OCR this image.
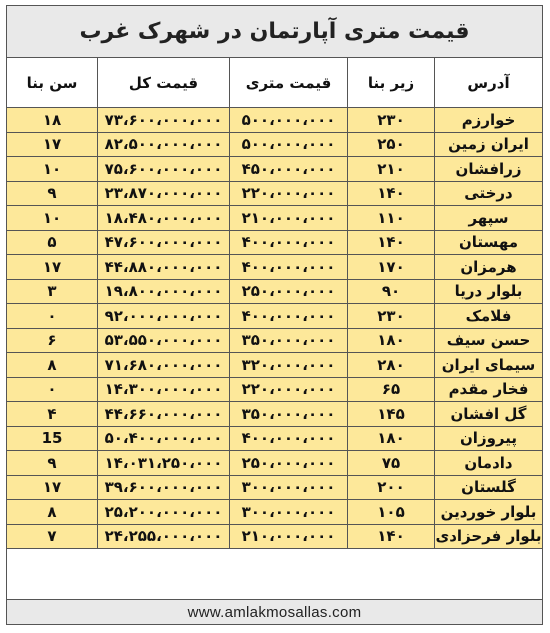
قیمت متری آپارتمان در شهرک غرب
آدرس
زیر بنا
قیمت متری
قیمت کل
سن بنا
خوارزم
۲۳۰
۵۰۰،۰۰۰،۰۰۰
۷۳،۶۰۰،۰۰۰،۰۰۰
۱۸
ایران زمین
۲۵۰
۵۰۰،۰۰۰،۰۰۰
۸۲،۵۰۰،۰۰۰،۰۰۰
۱۷
زرافشان
۲۱۰
۴۵۰،۰۰۰،۰۰۰
۷۵،۶۰۰،۰۰۰،۰۰۰
۱۰
درختی
۱۴۰
۲۲۰،۰۰۰،۰۰۰
۲۳،۸۷۰،۰۰۰،۰۰۰
۹
سپهر
۱۱۰
۲۱۰،۰۰۰،۰۰۰
۱۸،۴۸۰،۰۰۰،۰۰۰
۱۰
مهستان
۱۴۰
۴۰۰،۰۰۰،۰۰۰
۴۷،۶۰۰،۰۰۰،۰۰۰
۵
هرمزان
۱۷۰
۴۰۰،۰۰۰،۰۰۰
۴۴،۸۸۰،۰۰۰،۰۰۰
۱۷
بلوار دریا
۹۰
۲۵۰،۰۰۰،۰۰۰
۱۹،۸۰۰،۰۰۰،۰۰۰
۳
فلامک
۲۳۰
۴۰۰،۰۰۰،۰۰۰
۹۲،۰۰۰،۰۰۰،۰۰۰
۰
حسن سیف
۱۸۰
۳۵۰،۰۰۰،۰۰۰
۵۳،۵۵۰،۰۰۰،۰۰۰
۶
سیمای ایران
۲۸۰
۳۲۰،۰۰۰،۰۰۰
۷۱،۶۸۰،۰۰۰،۰۰۰
۸
فخار مقدم
۶۵
۲۲۰،۰۰۰،۰۰۰
۱۴،۳۰۰،۰۰۰،۰۰۰
۰
گل افشان
۱۴۵
۳۵۰،۰۰۰،۰۰۰
۴۴،۶۶۰،۰۰۰،۰۰۰
۴
پیروزان
۱۸۰
۴۰۰،۰۰۰،۰۰۰
۵۰،۴۰۰،۰۰۰،۰۰۰
15
دادمان
۷۵
۲۵۰،۰۰۰،۰۰۰
۱۴،۰۳۱،۲۵۰،۰۰۰
۹
گلستان
۲۰۰
۳۰۰،۰۰۰،۰۰۰
۳۹،۶۰۰،۰۰۰،۰۰۰
۱۷
بلوار خوردین
۱۰۵
۳۰۰،۰۰۰،۰۰۰
۲۵،۲۰۰،۰۰۰،۰۰۰
۸
بلوار فرحزادی
۱۴۰
۲۱۰،۰۰۰،۰۰۰
۲۴،۲۵۵،۰۰۰،۰۰۰
۷
www.amlakmosallas.com
